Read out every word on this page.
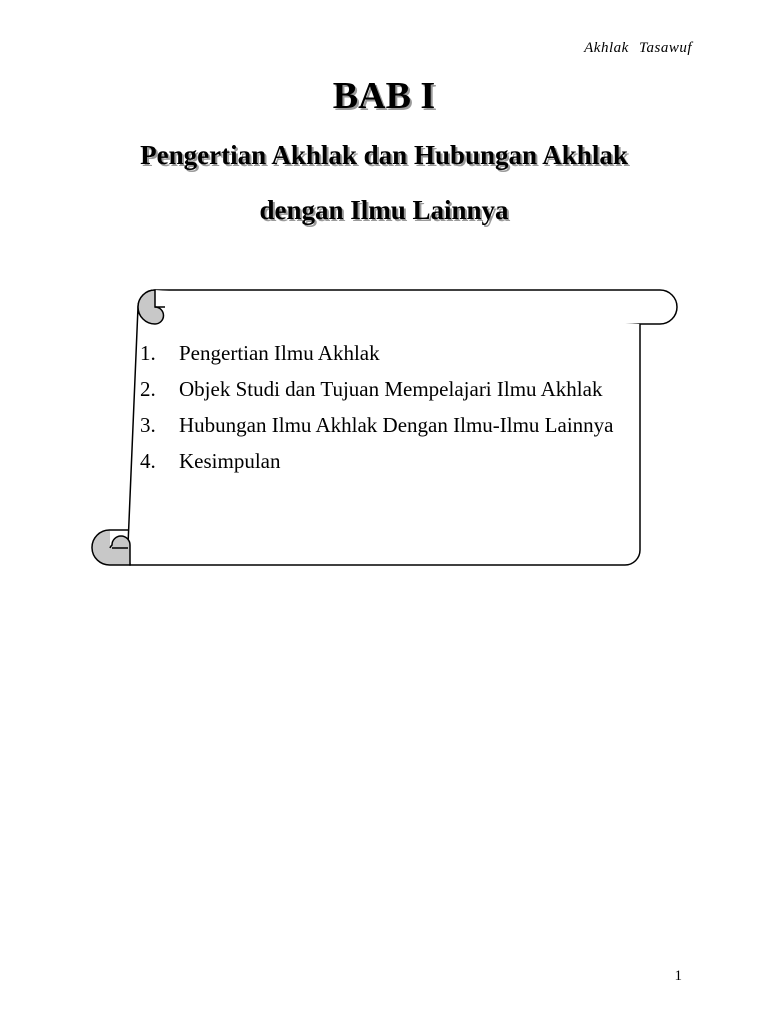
Akhlak Tasawuf
BAB I
Pengertian Akhlak dan Hubungan Akhlak
dengan Ilmu Lainnya
1. Pengertian Ilmu Akhlak
2. Objek Studi dan Tujuan Mempelajari Ilmu Akhlak
3. Hubungan Ilmu Akhlak Dengan Ilmu-Ilmu Lainnya
4. Kesimpulan
1
